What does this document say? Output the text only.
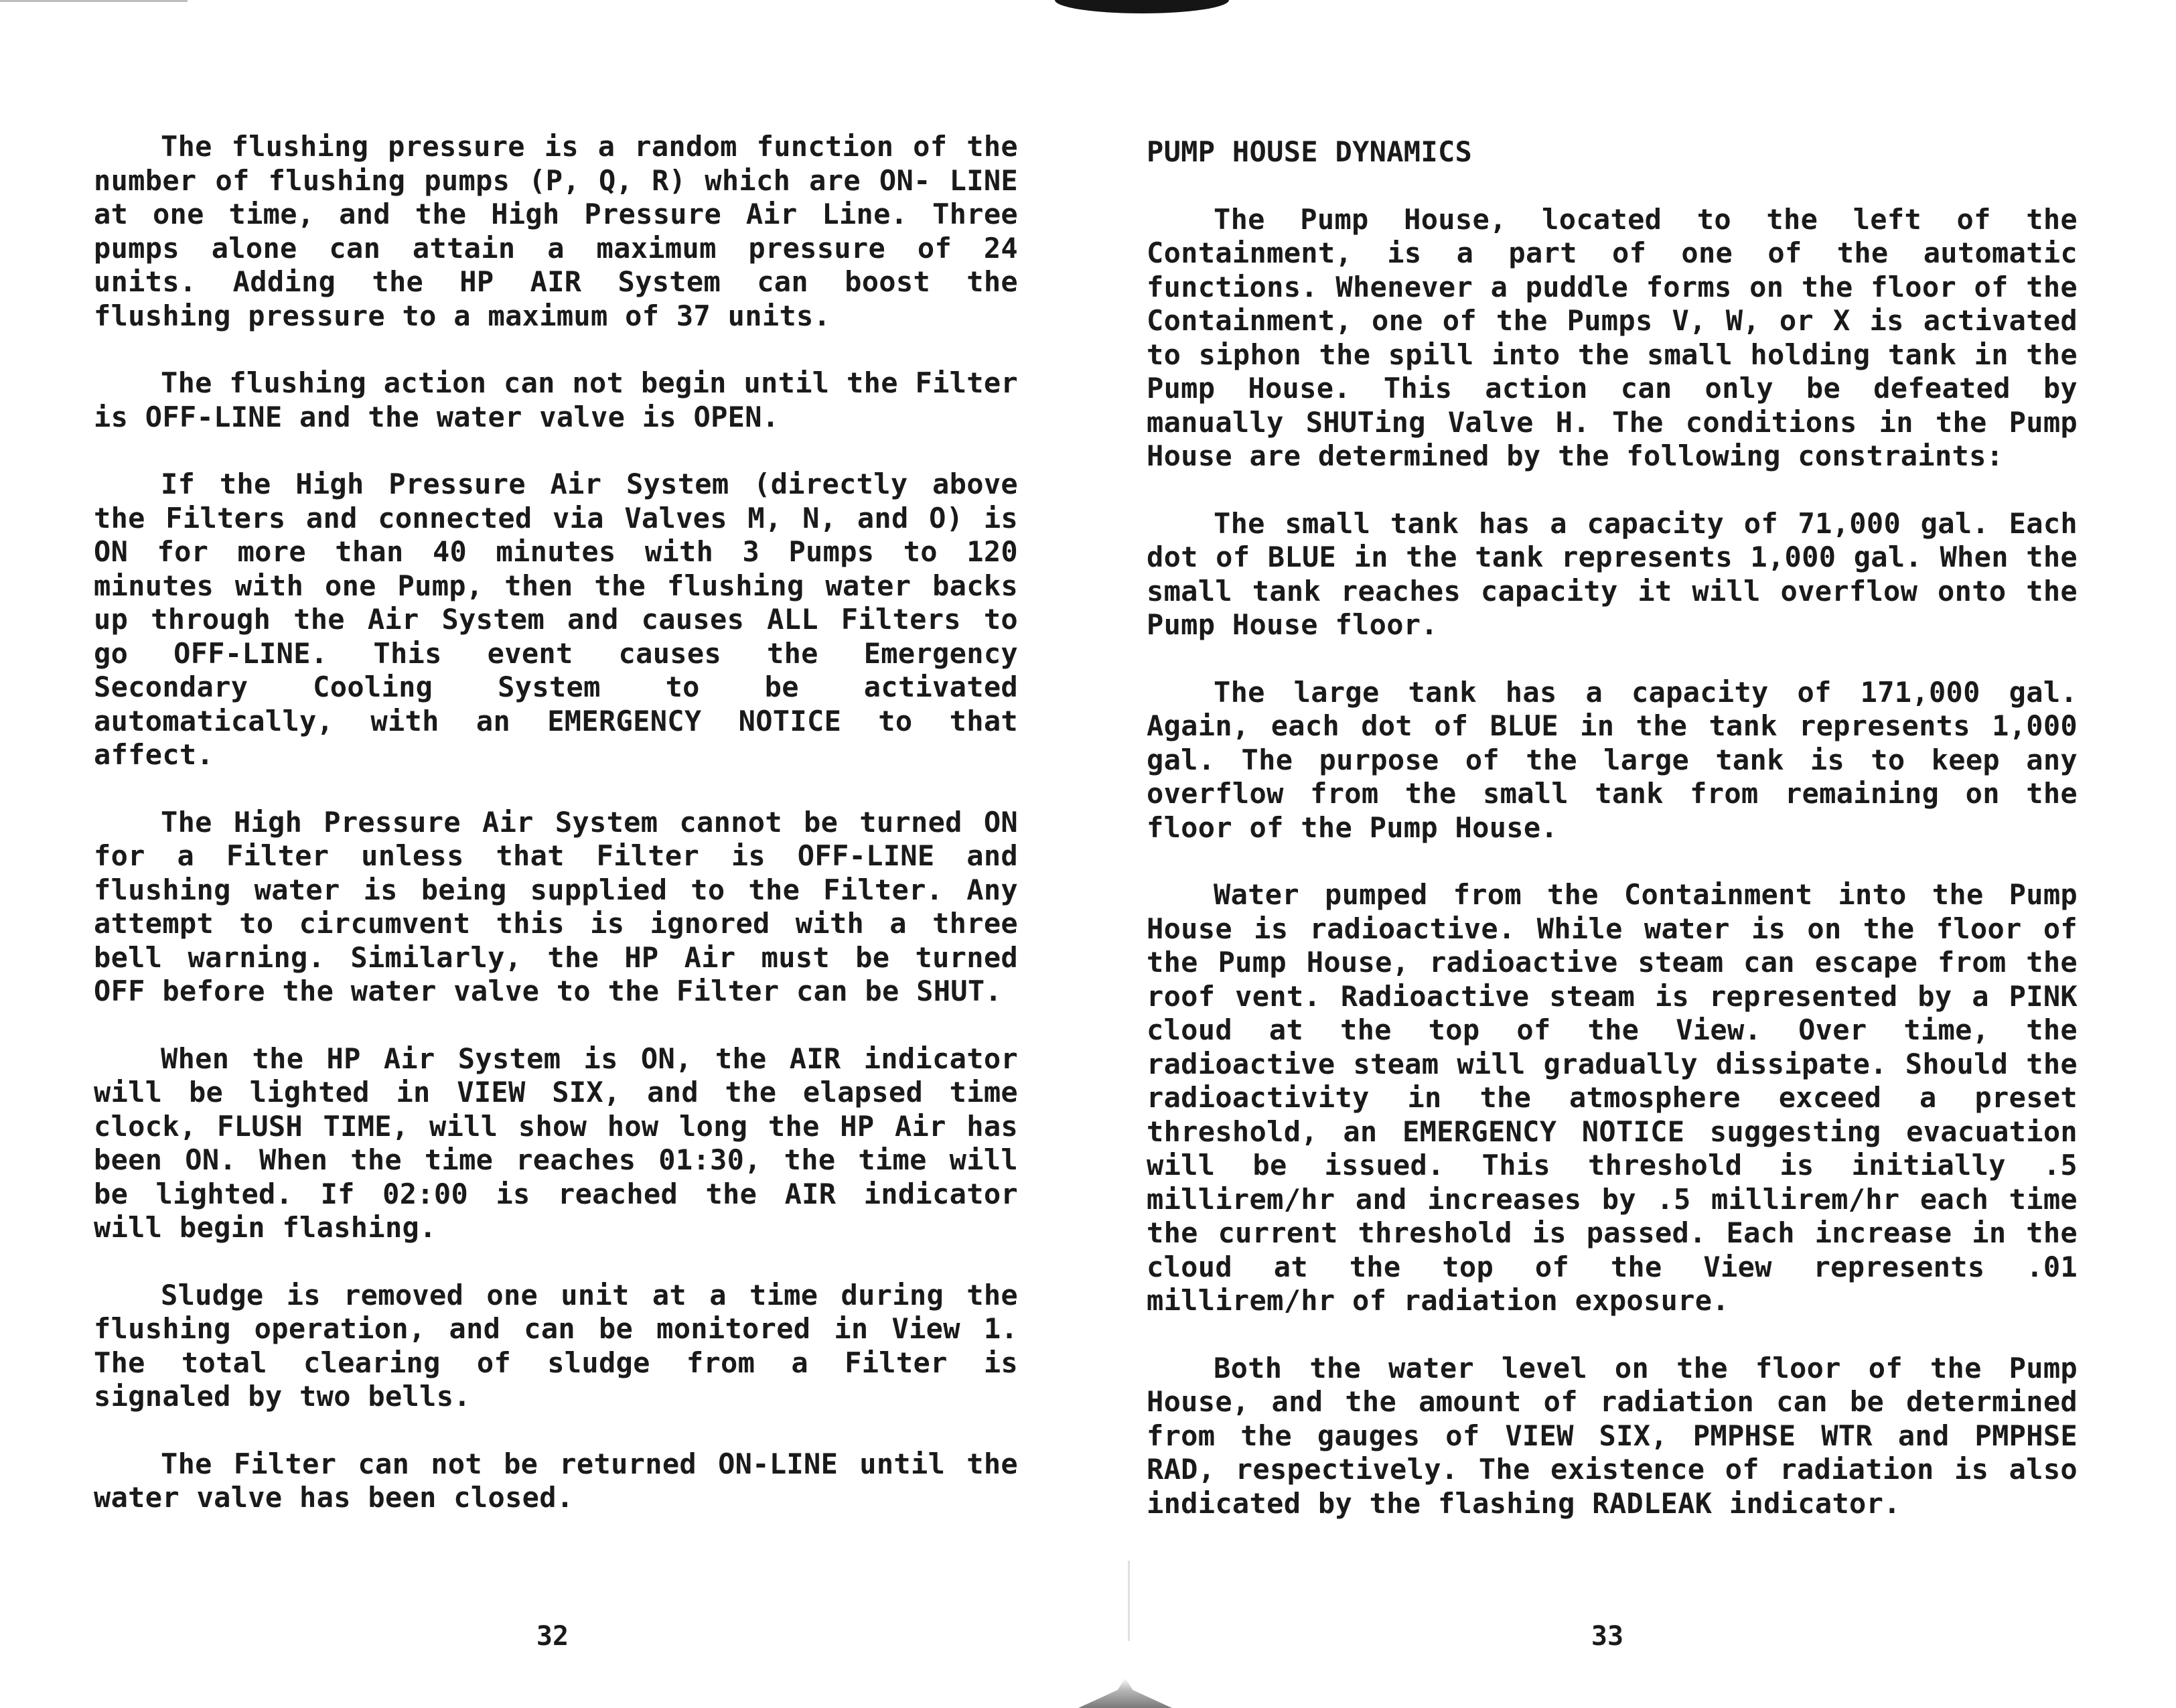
The flushing pressure is a random function of the number of flushing pumps (P, Q, R) which are ON- LINE at one time, and the High Pressure Air Line. Three pumps alone can attain a maximum pressure of 24 units. Adding the HP AIR System can boost the flushing pressure to a maximum of 37 units.

The flushing action can not begin until the Filter is OFF-LINE and the water valve is OPEN.

If the High Pressure Air System (directly above the Filters and connected via Valves M, N, and O) is ON for more than 40 minutes with 3 Pumps to 120 minutes with one Pump, then the flushing water backs up through the Air System and causes ALL Filters to go OFF-LINE. This event causes the Emergency Secondary Cooling System to be activated automatically, with an EMERGENCY NOTICE to that affect.

The High Pressure Air System cannot be turned ON for a Filter unless that Filter is OFF-LINE and flushing water is being supplied to the Filter. Any attempt to circumvent this is ignored with a three bell warning. Similarly, the HP Air must be turned OFF before the water valve to the Filter can be SHUT.

When the HP Air System is ON, the AIR indicator will be lighted in VIEW SIX, and the elapsed time clock, FLUSH TIME, will show how long the HP Air has been ON. When the time reaches 01:30, the time will be lighted. If 02:00 is reached the AIR indicator will begin flashing.

Sludge is removed one unit at a time during the flushing operation, and can be monitored in View 1. The total clearing of sludge from a Filter is signaled by two bells.

The Filter can not be returned ON-LINE until the water valve has been closed.

32

PUMP HOUSE DYNAMICS

The Pump House, located to the left of the Containment, is a part of one of the automatic functions. Whenever a puddle forms on the floor of the Containment, one of the Pumps V, W, or X is activated to siphon the spill into the small holding tank in the Pump House. This action can only be defeated by manually SHUTing Valve H. The conditions in the Pump House are determined by the following constraints:

The small tank has a capacity of 71,000 gal. Each dot of BLUE in the tank represents 1,000 gal. When the small tank reaches capacity it will overflow onto the Pump House floor.

The large tank has a capacity of 171,000 gal. Again, each dot of BLUE in the tank represents 1,000 gal. The purpose of the large tank is to keep any overflow from the small tank from remaining on the floor of the Pump House.

Water pumped from the Containment into the Pump House is radioactive. While water is on the floor of the Pump House, radioactive steam can escape from the roof vent. Radioactive steam is represented by a PINK cloud at the top of the View. Over time, the radioactive steam will gradually dissipate. Should the radioactivity in the atmosphere exceed a preset threshold, an EMERGENCY NOTICE suggesting evacuation will be issued. This threshold is initially .5 millirem/hr and increases by .5 millirem/hr each time the current threshold is passed. Each increase in the cloud at the top of the View represents .01 millirem/hr of radiation exposure.

Both the water level on the floor of the Pump House, and the amount of radiation can be determined from the gauges of VIEW SIX, PMPHSE WTR and PMPHSE RAD, respectively. The existence of radiation is also indicated by the flashing RADLEAK indicator.

33
